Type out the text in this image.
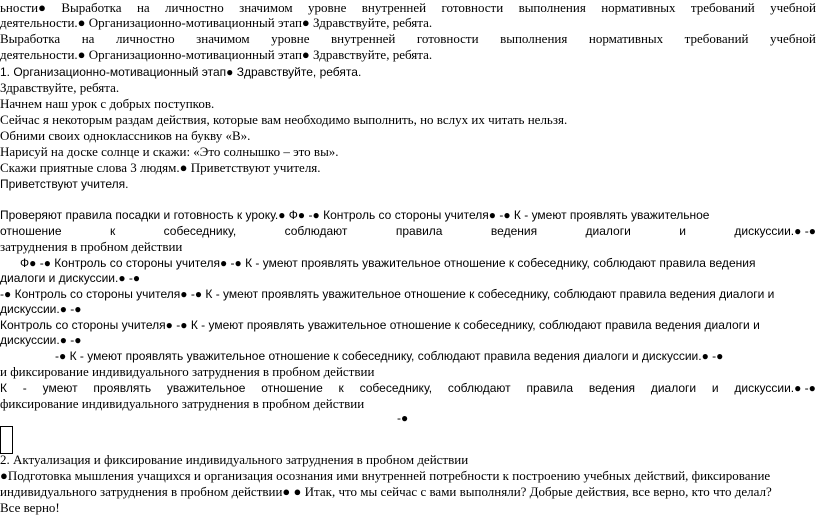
ьности● Выработка на личностно значимом уровне внутренней готовности выполнения нормативных требований учебной
деятельности.● Организационно-мотивационный этап● Здравствуйте, ребята.
Выработка на личностно значимом уровне внутренней готовности выполнения нормативных требований учебной
деятельности.● Организационно-мотивационный этап● Здравствуйте, ребята.
1. Организационно-мотивационный этап● Здравствуйте, ребята.
Здравствуйте, ребята.
Начнем наш урок с добрых поступков.
Сейчас я некоторым раздам действия, которые вам необходимо выполнить, но вслух их читать нельзя.
Обними своих одноклассников на букву «В».
Нарисуй на доске солнце и скажи: «Это солнышко – это вы».
Скажи приятные слова 3 людям.● Приветствуют учителя.
Приветствуют учителя.
Проверяют правила посадки и готовность к уроку.● Ф● -● Контроль со стороны учителя● -● К - умеют проявлять уважительное
отношение	к	собеседнику,	соблюдают	правила	ведения	диалоги	и	дискуссии.● -●
затруднения в пробном действии
Ф● -● Контроль со стороны учителя● -● К - умеют проявлять уважительное отношение к собеседнику, соблюдают правила ведения
диалоги и дискуссии.● -●
-● Контроль со стороны учителя● -● К - умеют проявлять уважительное отношение к собеседнику, соблюдают правила ведения диалоги и
дискуссии.● -●
Контроль со стороны учителя● -● К - умеют проявлять уважительное отношение к собеседнику, соблюдают правила ведения диалоги и
дискуссии.● -●
-● К - умеют проявлять уважительное отношение к собеседнику, соблюдают правила ведения диалоги и дискуссии.● -●
и фиксирование индивидуального затруднения в пробном действии
К - умеют проявлять уважительное отношение к собеседнику, соблюдают правила ведения диалоги и дискуссии.● -●
фиксирование индивидуального затруднения в пробном действии
-●
2. Актуализация и фиксирование индивидуального затруднения в пробном действии
●Подготовка мышления учащихся и организация осознания ими внутренней потребности к построению учебных действий, фиксирование
индивидуального затруднения в пробном действии● ● Итак, что мы сейчас с вами выполняли? Добрые действия, все верно, кто что делал?
Все верно!
